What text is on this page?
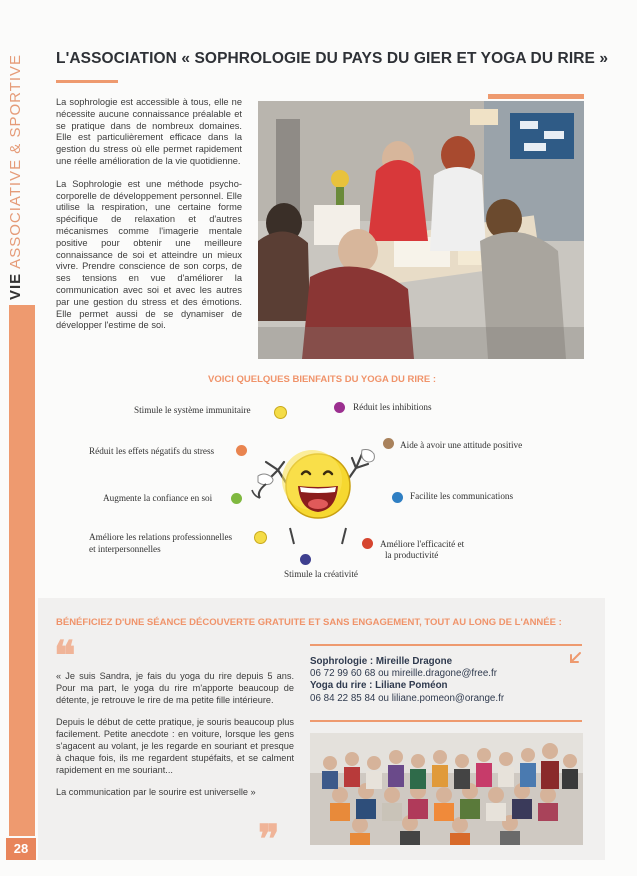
VIEASSOCIATIVE & SPORTIVE
28
L'ASSOCIATION « SOPHROLOGIE DU PAYS DU GIER ET YOGA DU RIRE »

La sophrologie est accessible à tous, elle ne nécessite aucune connaissance préalable et se pratique dans de nombreux domaines. Elle est particulièrement efficace dans la gestion du stress où elle permet rapidement une réelle amélioration de la vie quotidienne.

La Sophrologie est une méthode psycho-corporelle de développement personnel. Elle utilise la respiration, une certaine forme spécifique de relaxation et d'autres mécanismes comme l'imagerie mentale positive pour obtenir une meilleure connaissance de soi et atteindre un mieux vivre. Prendre conscience de son corps, de ses tensions en vue d'améliorer la communication avec soi et avec les autres par une gestion du stress et des émotions. Elle permet aussi de se dynamiser de développer l'estime de soi.

VOICI QUELQUES BIENFAITS DU YOGA DU RIRE :
Stimule le système immunitaire	Réduit les inhibitions
Réduit les effets négatifs du stress
Aide à avoir une attitude positive
Augmente la confiance en soi	Facilite les communications
Améliore les relations professionnelles
et interpersonnelles	Améliore l'efficacité et
la productivité
Stimule la créativité
BÉNÉFICIEZ D'UNE SÉANCE DÉCOUVERTE GRATUITE ET SANS ENGAGEMENT, TOUT AU LONG DE L'ANNÉE :
❝

« Je suis Sandra, je fais du yoga du rire depuis 5 ans. Pour ma part, le yoga du rire m'apporte beaucoup de détente, je retrouve le rire de ma petite fille intérieure.

Depuis le début de cette pratique, je souris beaucoup plus facilement. Petite anecdote : en voiture, lorsque les gens s'agacent au volant, je les regarde en souriant et presque à chaque fois, ils me regardent stupéfaits, et se calment rapidement en me souriant...

La communication par le sourire est universelle »

❞
Sophrologie : Mireille Dragone
06 72 99 60 68 ou mireille.dragone@free.fr
Yoga du rire : Liliane Poméon
06 84 22 85 84 ou liliane.pomeon@orange.fr
